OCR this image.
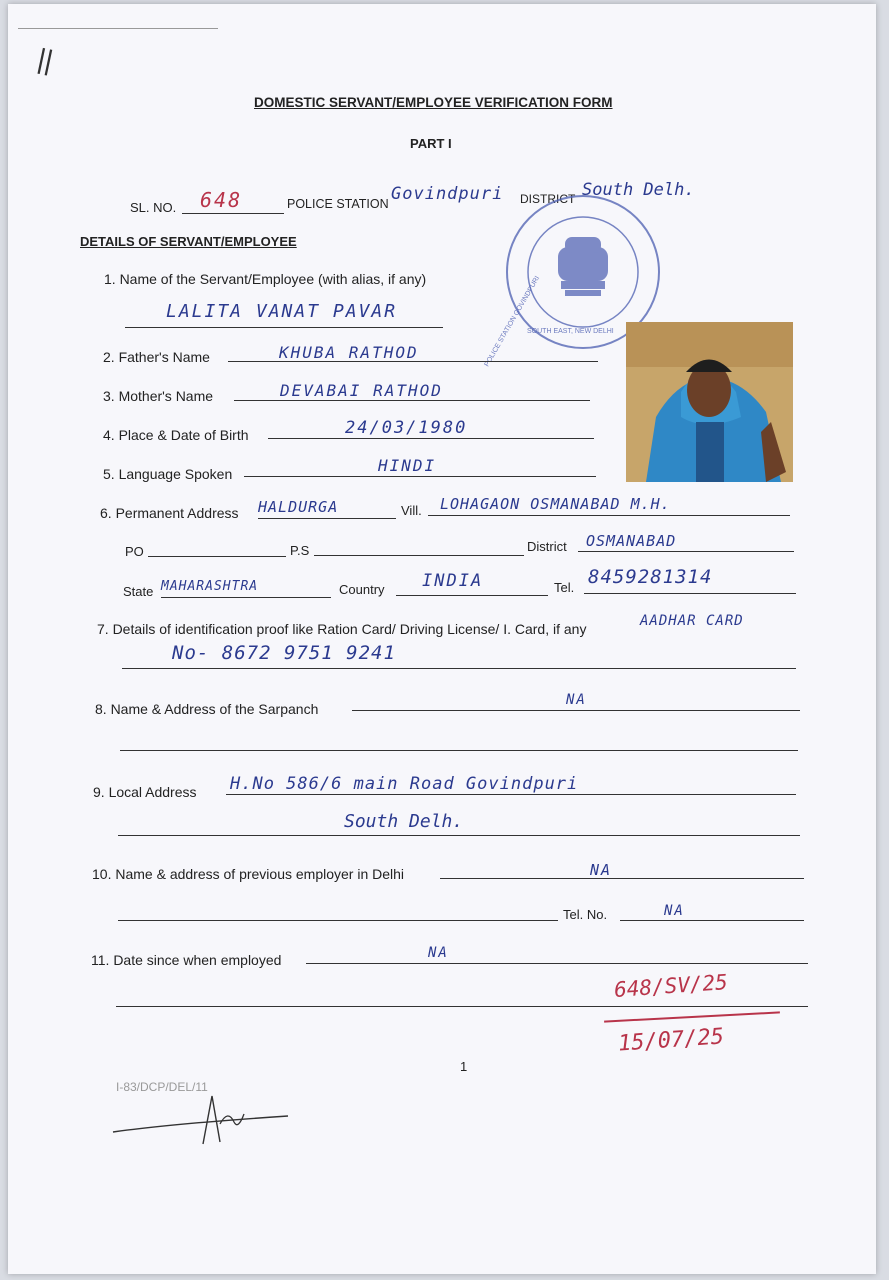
||
DOMESTIC SERVANT/EMPLOYEE VERIFICATION FORM
PART I
SL. NO. 648	POLICE STATION Govindpuri DISTRICT South Delh.
DETAILS OF SERVANT/EMPLOYEE
POLICE STATION GOVINDPURI
SOUTH EAST, NEW DELHI
1. Name of the Servant/Employee (with alias, if any)
LALITA VANAT PAVAR
2. Father's Name	KHUBA RATHOD
3. Mother's Name	DEVABAI RATHOD
4. Place & Date of Birth	24/03/1980
5. Language Spoken	HINDI
6. Permanent Address HALDURGA	Vill. LOHAGAON OSMANABAD M.H.
PO	P.S	District OSMANABAD
State MAHARASHTRA	Country INDIA	Tel. 8459281314
7. Details of identification proof like Ration Card/ Driving License/ I. Card, if any	AADHAR CARD
No- 8672 9751 9241
8. Name & Address of the Sarpanch
NA
9. Local Address H.No 586/6 main Road Govindpuri
South Delh.
10. Name & address of previous employer in Delhi	NA
Tel. No.	NA
11. Date since when employed	NA
648/SV/25
15/07/25
1
I-83/DCP/DEL/11
